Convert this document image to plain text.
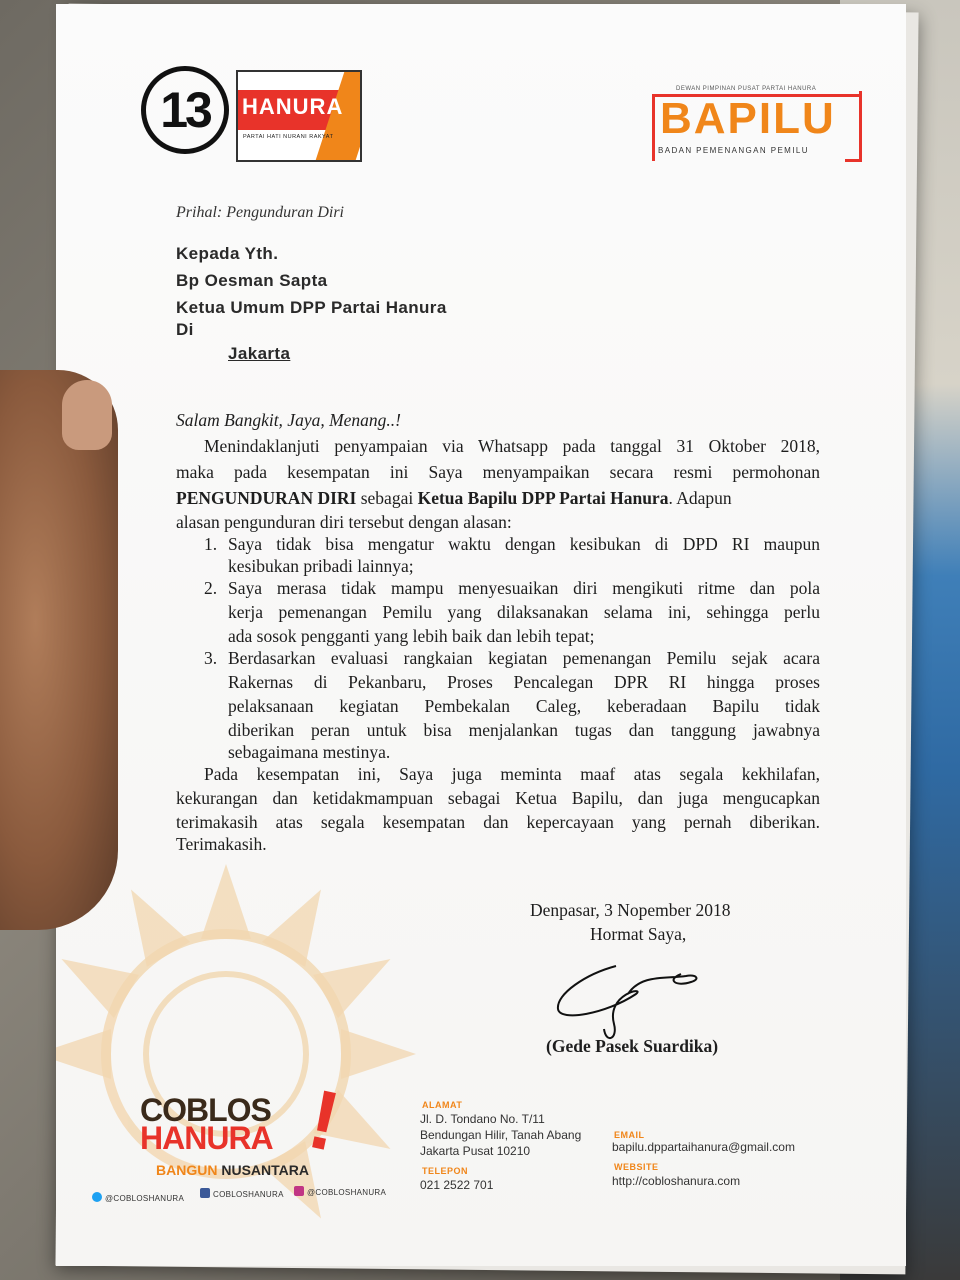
13	HANURA
PARTAI HATI NURANI RAKYAT
DEWAN PIMPINAN PUSAT PARTAI HANURA
BAPILU
BADAN PEMENANGAN PEMILU
Prihal: Pengunduran Diri
Kepada Yth.
Bp Oesman Sapta
Ketua Umum DPP Partai Hanura
Di
Jakarta
Salam Bangkit, Jaya, Menang..!
Menindaklanjuti penyampaian via Whatsapp pada tanggal 31 Oktober 2018,
maka pada kesempatan ini Saya menyampaikan secara resmi permohonan
PENGUNDURAN DIRI sebagai Ketua Bapilu DPP Partai Hanura. Adapun
alasan pengunduran diri tersebut dengan alasan:
1. Saya tidak bisa mengatur waktu dengan kesibukan di DPD RI maupun
kesibukan pribadi lainnya;
2. Saya merasa tidak mampu menyesuaikan diri mengikuti ritme dan pola
kerja pemenangan Pemilu yang dilaksanakan selama ini, sehingga perlu
ada sosok pengganti yang lebih baik dan lebih tepat;
3. Berdasarkan evaluasi rangkaian kegiatan pemenangan Pemilu sejak acara
Rakernas di Pekanbaru, Proses Pencalegan DPR RI hingga proses
pelaksanaan kegiatan Pembekalan Caleg, keberadaan Bapilu tidak
diberikan peran untuk bisa menjalankan tugas dan tanggung jawabnya
sebagaimana mestinya.
Pada kesempatan ini, Saya juga meminta maaf atas segala kekhilafan,
kekurangan dan ketidakmampuan sebagai Ketua Bapilu, dan juga mengucapkan
terimakasih atas segala kesempatan dan kepercayaan yang pernah diberikan.
Terimakasih.
Denpasar, 3 Nopember 2018
Hormat Saya,
(Gede Pasek Suardika)
COBLOS
HANURA !
BANGUN NUSANTARA
@COBLOSHANURA	COBLOSHANURA	@COBLOSHANURA
ALAMAT
Jl. D. Tondano No. T/11
Bendungan Hilir, Tanah Abang
Jakarta Pusat 10210
TELEPON
021 2522 701
EMAIL
bapilu.dppartaihanura@gmail.com
WEBSITE
http://cobloshanura.com
